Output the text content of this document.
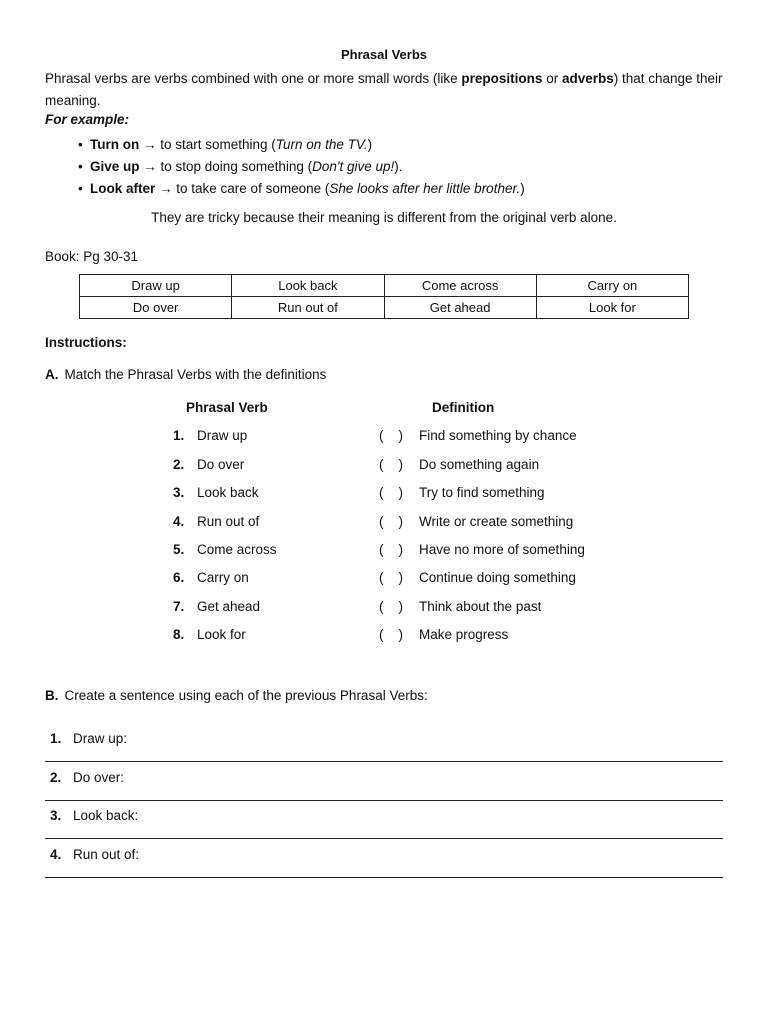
Phrasal Verbs
Phrasal verbs are verbs combined with one or more small words (like prepositions or adverbs) that change their meaning.
For example:
• Turn on → to start something (Turn on the TV.)
• Give up → to stop doing something (Don't give up!).
• Look after → to take care of someone (She looks after her little brother.)
They are tricky because their meaning is different from the original verb alone.
Book: Pg 30-31
Draw up	Look back	Come across	Carry on
Do over	Run out of	Get ahead	Look for
Instructions:
A. Match the Phrasal Verbs with the definitions
Phrasal Verb	Definition
1. Draw up	(    ) Find something by chance
2. Do over	(    ) Do something again
3. Look back	(    ) Try to find something
4. Run out of	(    ) Write or create something
5. Come across	(    ) Have no more of something
6. Carry on	(    ) Continue doing something
7. Get ahead	(    ) Think about the past
8. Look for	(    ) Make progress
B. Create a sentence using each of the previous Phrasal Verbs:
1. Draw up:
2. Do over:
3. Look back:
4. Run out of:
